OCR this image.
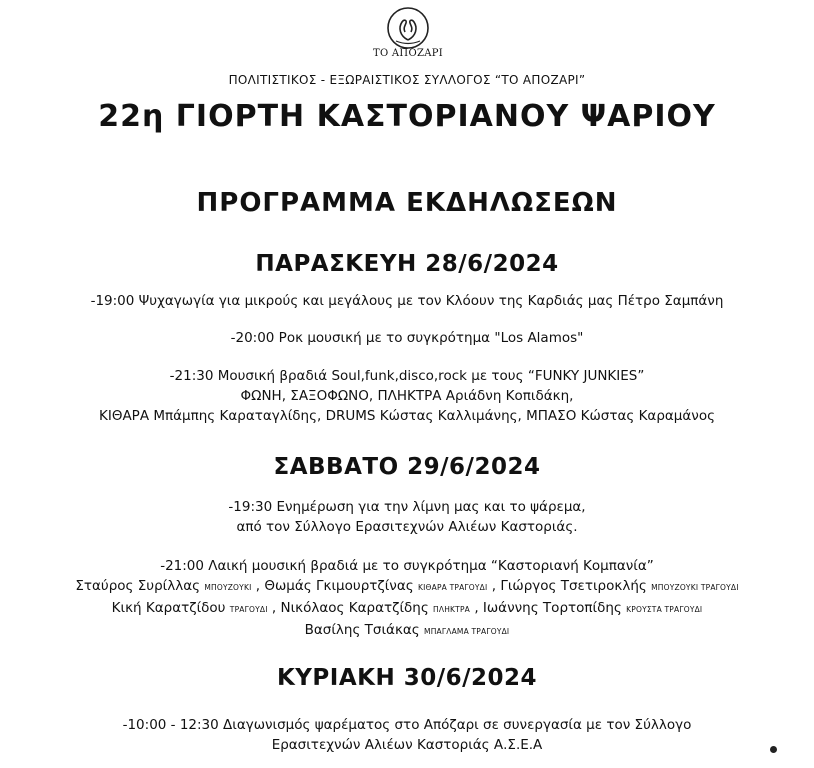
ΤΟ ΑΠΟΖΑΡΙ
ΠΟΛΙΤΙΣΤΙΚΟΣ - ΕΞΩΡΑΙΣΤΙΚΟΣ ΣΥΛΛΟΓΟΣ “ΤΟ ΑΠΟΖΑΡΙ”
22η ΓΙΟΡΤΗ ΚΑΣΤΟΡΙΑΝΟΥ ΨΑΡΙΟΥ
ΠΡΟΓΡΑΜΜΑ ΕΚΔΗΛΩΣΕΩΝ
ΠΑΡΑΣΚΕΥΗ 28/6/2024
-19:00 Ψυχαγωγία για μικρούς και μεγάλους με τον Κλόουν της Καρδιάς μας Πέτρο Σαμπάνη
-20:00 Ροκ μουσική με το συγκρότημα "Los Alamos"
-21:30 Μουσική βραδιά Soul,funk,disco,rock με τους “FUNKY JUNKIES”
ΦΩΝΗ, ΣΑΞΟΦΩΝΟ, ΠΛΗΚΤΡΑ Αριάδνη Κοπιδάκη,
ΚΙΘΑΡΑ Μπάμπης Καραταγλίδης, DRUMS Κώστας Καλλιμάνης, ΜΠΑΣΟ Κώστας Καραμάνος
ΣΑΒΒΑΤΟ 29/6/2024
-19:30 Ενημέρωση για την λίμνη μας και το ψάρεμα,
από τον Σύλλογο Ερασιτεχνών Αλιέων Καστοριάς.
-21:00 Λαική μουσική βραδιά με το συγκρότημα “Καστοριανή Κομπανία”
Σταύρος Συρίλλας ΜΠΟΥΖΟΥΚΙ , Θωμάς Γκιμουρτζίνας ΚΙΘΑΡΑ ΤΡΑΓΟΥΔΙ , Γιώργος Τσετιροκλής ΜΠΟΥΖΟΥΚΙ ΤΡΑΓΟΥΔΙ
Κική Καρατζίδου ΤΡΑΓΟΥΔΙ , Νικόλαος Καρατζίδης ΠΛΗΚΤΡΑ , Ιωάννης Τορτοπίδης ΚΡΟΥΣΤΑ ΤΡΑΓΟΥΔΙ
Βασίλης Τσιάκας ΜΠΑΓΛΑΜΑ ΤΡΑΓΟΥΔΙ
ΚΥΡΙΑΚΗ 30/6/2024
-10:00 - 12:30 Διαγωνισμός ψαρέματος στο Απόζαρι σε συνεργασία με τον Σύλλογο
Ερασιτεχνών Αλιέων Καστοριάς Α.Σ.Ε.Α
